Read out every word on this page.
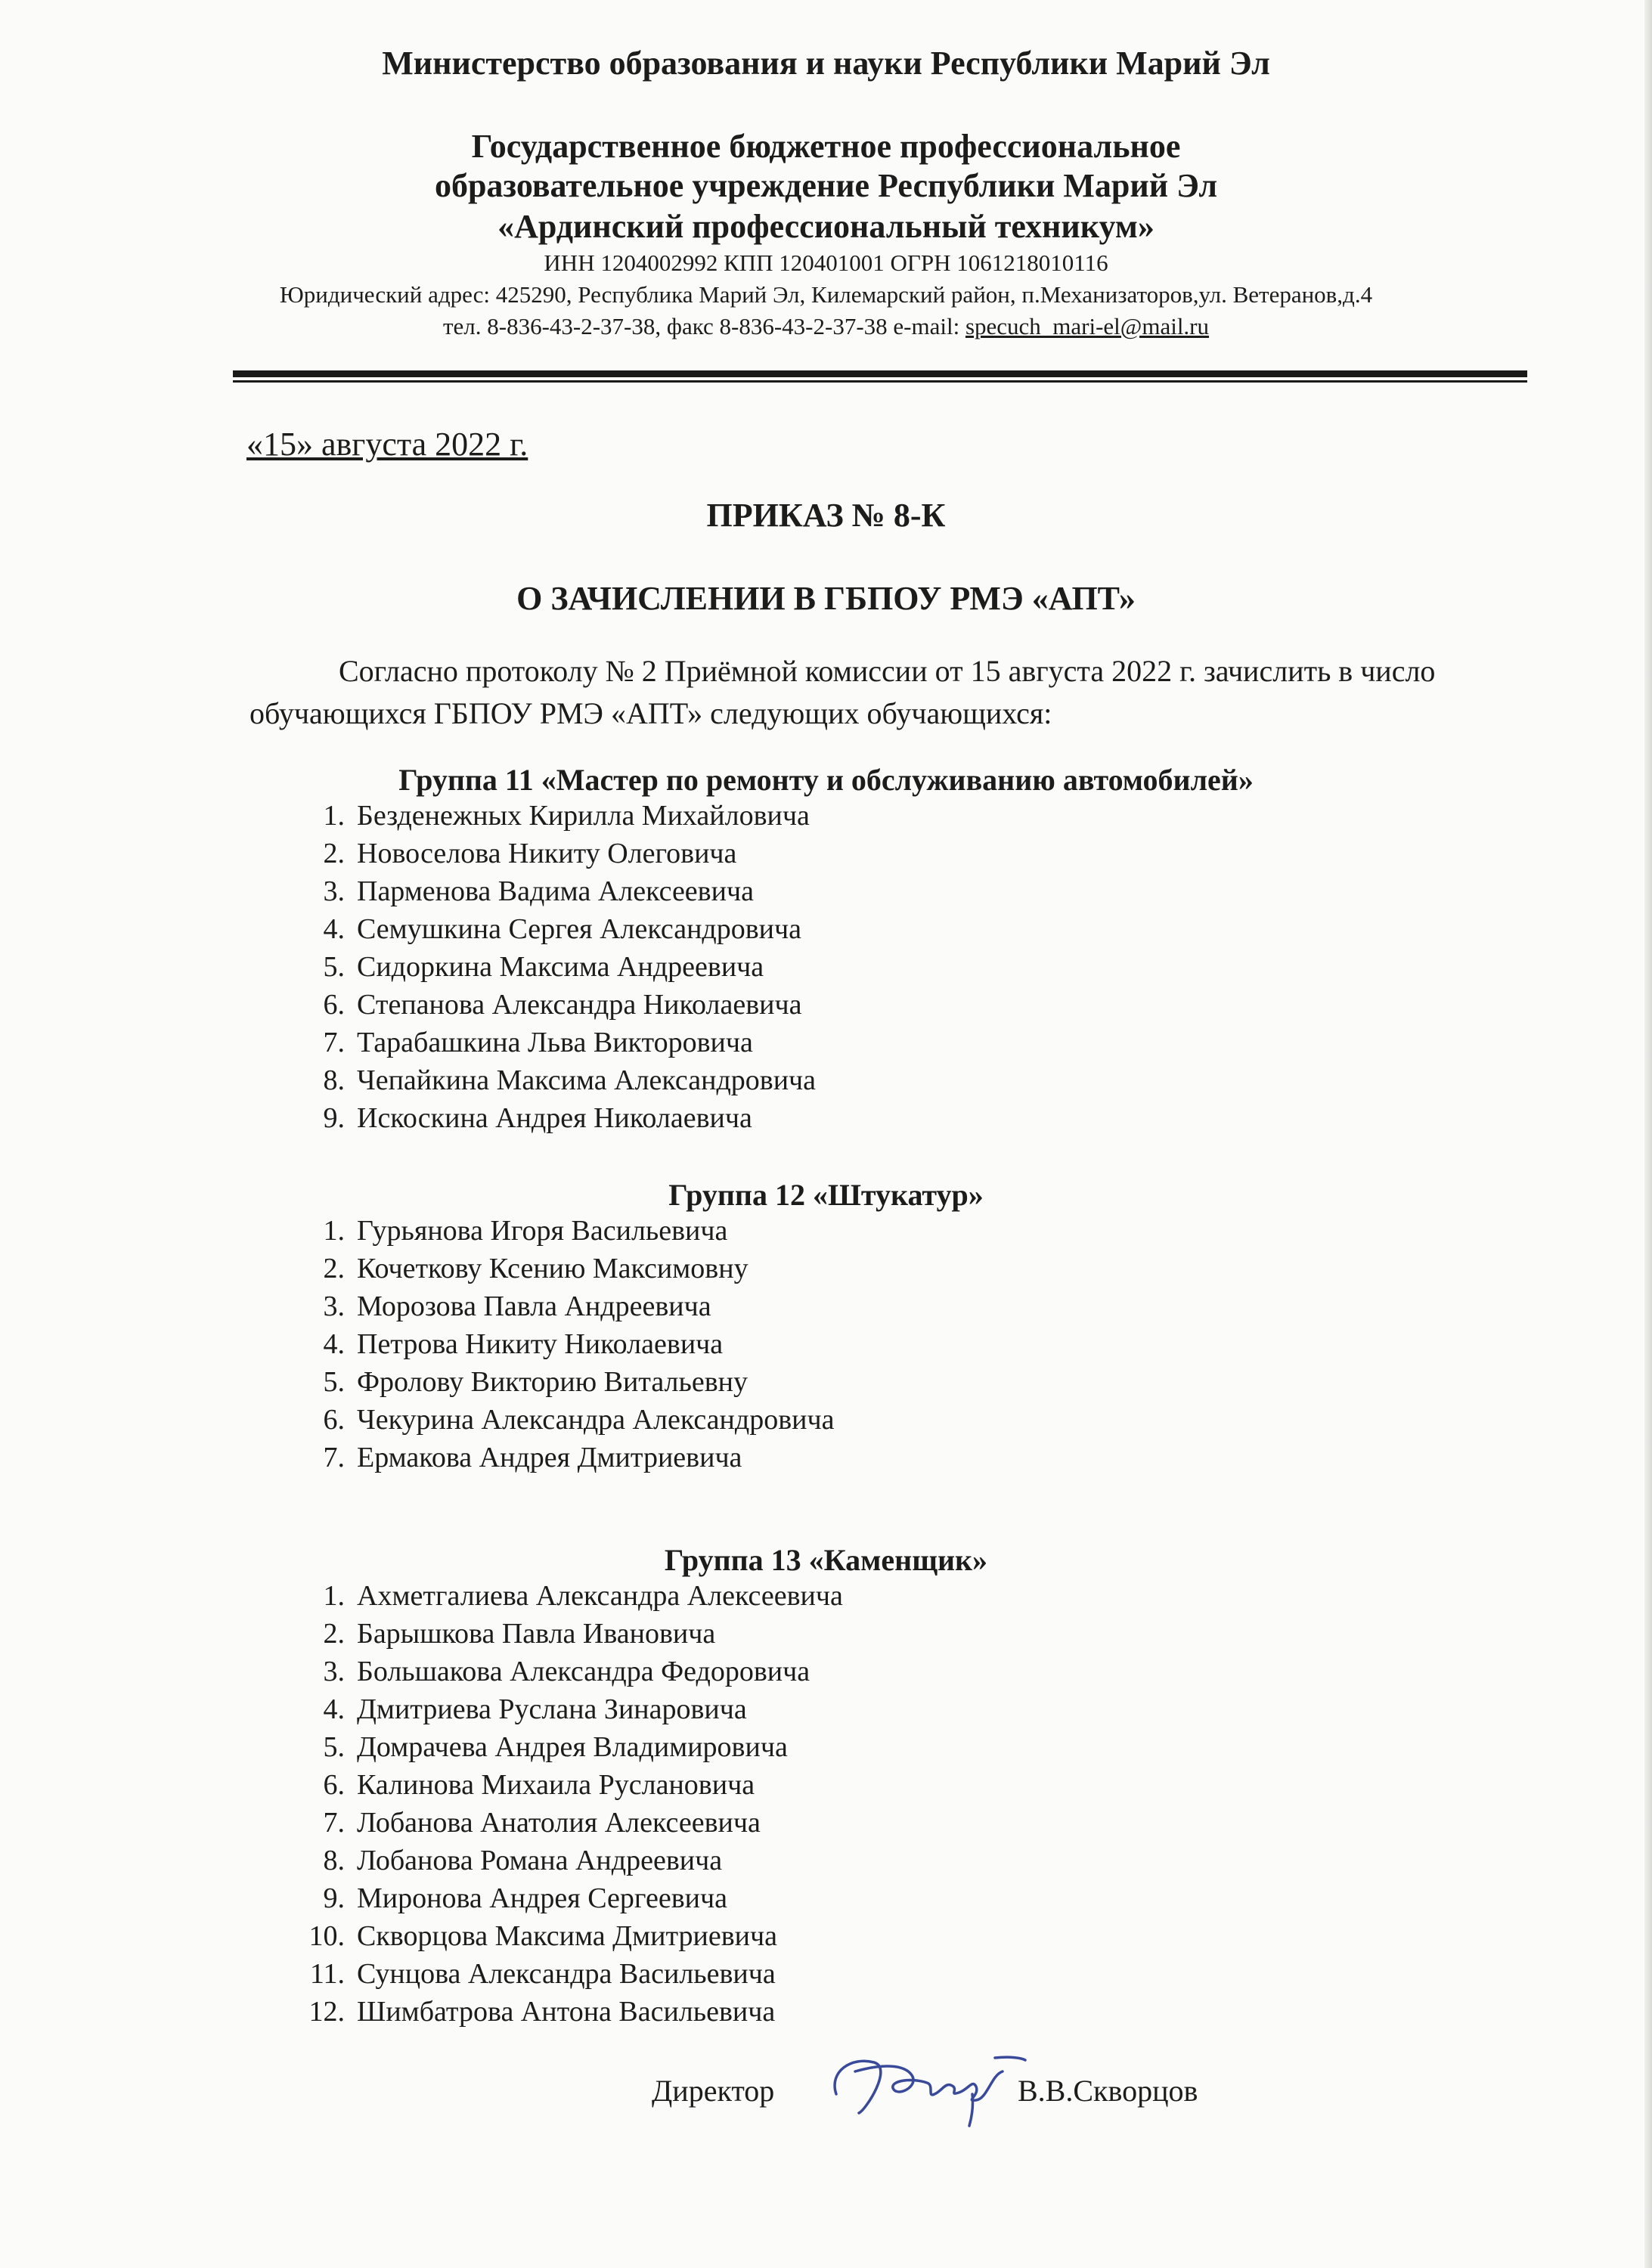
Министерство образования и науки Республики Марий Эл
Государственное бюджетное профессиональное
образовательное учреждение Республики Марий Эл
«Ардинский профессиональный техникум»
ИНН 1204002992 КПП 120401001 ОГРН 1061218010116
Юридический адрес: 425290, Республика Марий Эл, Килемарский район, п.Механизаторов,ул. Ветеранов,д.4
тел. 8-836-43-2-37-38, факс 8-836-43-2-37-38 e-mail: specuch_mari-el@mail.ru
«15» августа 2022 г.
ПРИКАЗ № 8-К
О ЗАЧИСЛЕНИИ В ГБПОУ РМЭ «АПТ»
Согласно протоколу № 2 Приёмной комиссии от 15 августа 2022 г. зачислить в число обучающихся ГБПОУ РМЭ «АПТ» следующих обучающихся:
Группа 11 «Мастер по ремонту и обслуживанию автомобилей»
1. Безденежных Кирилла Михайловича
2. Новоселова Никиту Олеговича
3. Парменова Вадима Алексеевича
4. Семушкина Сергея Александровича
5. Сидоркина Максима Андреевича
6. Степанова Александра Николаевича
7. Тарабашкина Льва Викторовича
8. Чепайкина Максима Александровича
9. Искоскина Андрея Николаевича
Группа 12 «Штукатур»
1. Гурьянова Игоря Васильевича
2. Кочеткову Ксению Максимовну
3. Морозова Павла Андреевича
4. Петрова Никиту Николаевича
5. Фролову Викторию Витальевну
6. Чекурина Александра Александровича
7. Ермакова Андрея Дмитриевича
Группа 13 «Каменщик»
1. Ахметгалиева Александра Алексеевича
2. Барышкова Павла Ивановича
3. Большакова Александра Федоровича
4. Дмитриева Руслана Зинаровича
5. Домрачева Андрея Владимировича
6. Калинова Михаила Руслановича
7. Лобанова Анатолия Алексеевича
8. Лобанова Романа Андреевича
9. Миронова Андрея Сергеевича
10. Скворцова Максима Дмитриевича
11. Сунцова Александра Васильевича
12. Шимбатрова Антона Васильевича
Директор	В.В.Скворцов
